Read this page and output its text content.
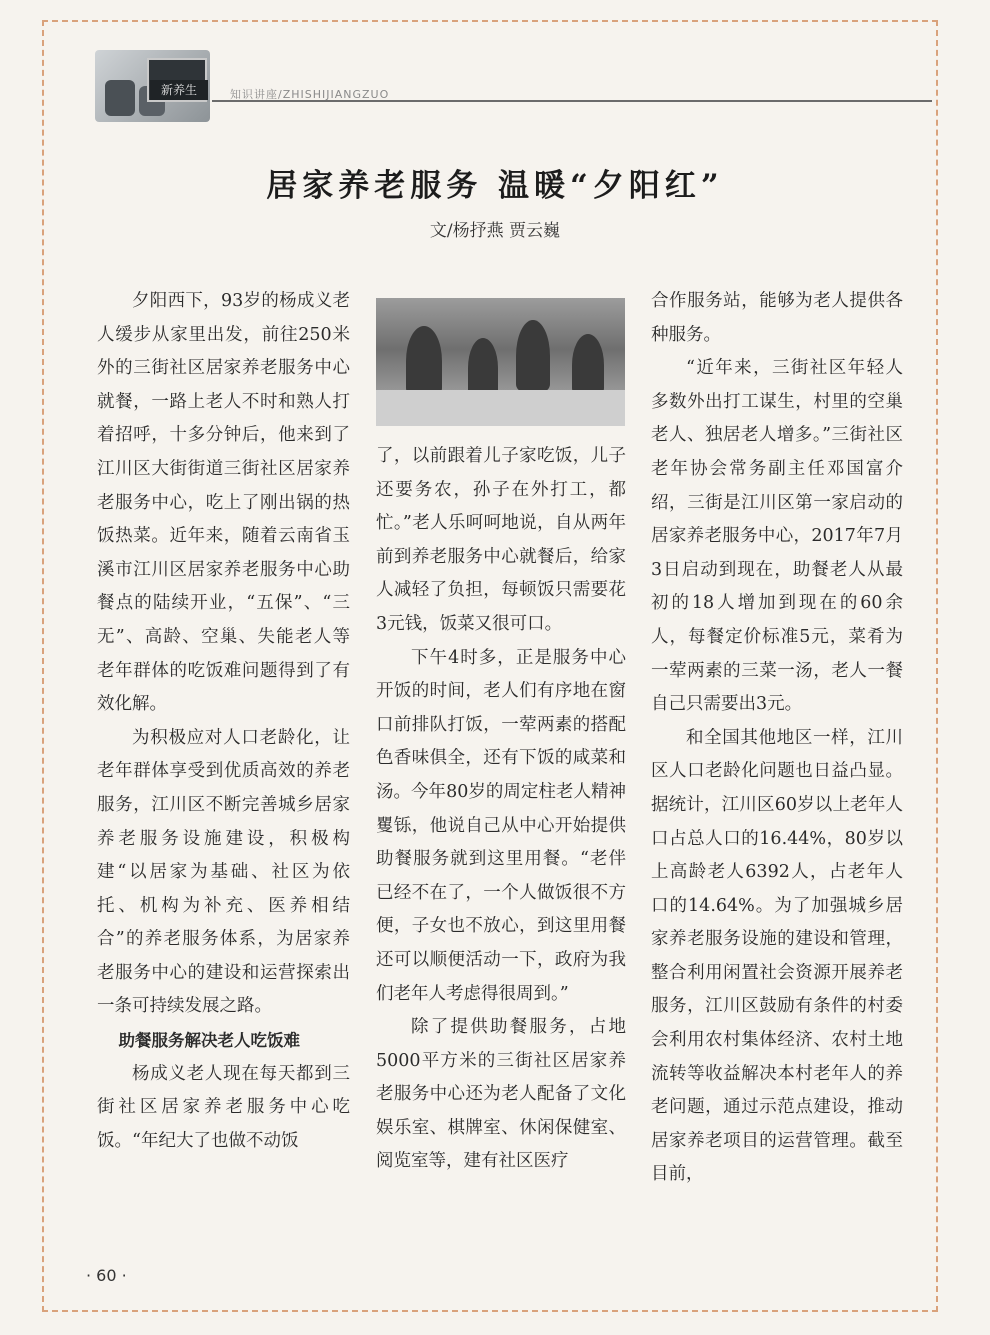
新养生	知识讲座/ZHISHIJIANGZUO
居家养老服务 温暖“夕阳红”
文/杨抒燕 贾云巍

夕阳西下，93岁的杨成义老人缓步从家里出发，前往250米外的三街社区居家养老服务中心就餐，一路上老人不时和熟人打着招呼，十多分钟后，他来到了江川区大街街道三街社区居家养老服务中心，吃上了刚出锅的热饭热菜。近年来，随着云南省玉溪市江川区居家养老服务中心助餐点的陆续开业，“五保”、“三无”、高龄、空巢、失能老人等老年群体的吃饭难问题得到了有效化解。

为积极应对人口老龄化，让老年群体享受到优质高效的养老服务，江川区不断完善城乡居家养老服务设施建设，积极构建“以居家为基础、社区为依托、机构为补充、医养相结合”的养老服务体系，为居家养老服务中心的建设和运营探索出一条可持续发展之路。

助餐服务解决老人吃饭难

杨成义老人现在每天都到三街社区居家养老服务中心吃饭。“年纪大了也做不动饭

了，以前跟着儿子家吃饭，儿子还要务农，孙子在外打工，都忙。”老人乐呵呵地说，自从两年前到养老服务中心就餐后，给家人减轻了负担，每顿饭只需要花3元钱，饭菜又很可口。

下午4时多，正是服务中心开饭的时间，老人们有序地在窗口前排队打饭，一荤两素的搭配色香味俱全，还有下饭的咸菜和汤。今年80岁的周定柱老人精神矍铄，他说自己从中心开始提供助餐服务就到这里用餐。“老伴已经不在了，一个人做饭很不方便，子女也不放心，到这里用餐还可以顺便活动一下，政府为我们老年人考虑得很周到。”

除了提供助餐服务，占地5000平方米的三街社区居家养老服务中心还为老人配备了文化娱乐室、棋牌室、休闲保健室、阅览室等，建有社区医疗

合作服务站，能够为老人提供各种服务。

“近年来，三街社区年轻人多数外出打工谋生，村里的空巢老人、独居老人增多。”三街社区老年协会常务副主任邓国富介绍，三街是江川区第一家启动的居家养老服务中心，2017年7月3日启动到现在，助餐老人从最初的18人增加到现在的60余人，每餐定价标准5元，菜肴为一荤两素的三菜一汤，老人一餐自己只需要出3元。

和全国其他地区一样，江川区人口老龄化问题也日益凸显。据统计，江川区60岁以上老年人口占总人口的16.44%，80岁以上高龄老人6392人，占老年人口的14.64%。为了加强城乡居家养老服务设施的建设和管理，整合利用闲置社会资源开展养老服务，江川区鼓励有条件的村委会利用农村集体经济、农村土地流转等收益解决本村老年人的养老问题，通过示范点建设，推动居家养老项目的运营管理。截至目前，

· 60 ·
